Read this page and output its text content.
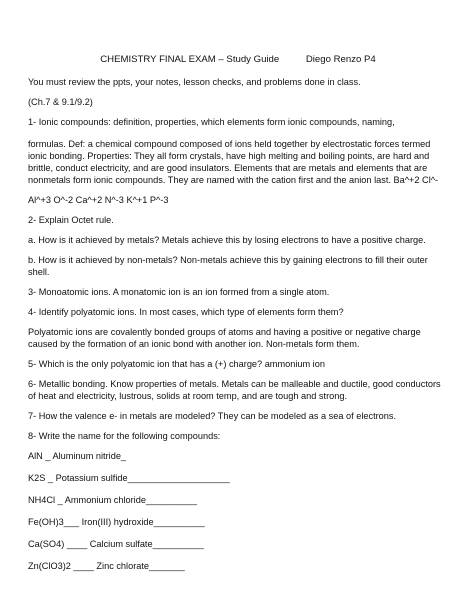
CHEMISTRY FINAL EXAM – Study Guide          Diego Renzo P4

You must review the ppts, your notes, lesson checks, and problems done in class.

(Ch.7 & 9.1/9.2)

1- Ionic compounds: definition, properties, which elements form ionic compounds, naming,

formulas. Def: a chemical compound composed of ions held together by electrostatic forces termed ionic bonding. Properties: They all form crystals, have high melting and boiling points, are hard and brittle, conduct electricity, and are good insulators. Elements that are metals and elements that are nonmetals form ionic compounds. They are named with the cation first and the anion last. Ba^+2 Cl^-

Al^+3 O^-2 Ca^+2 N^-3 K^+1 P^-3

2- Explain Octet rule.

a. How is it achieved by metals? Metals achieve this by losing electrons to have a positive charge.

b. How is it achieved by non-metals? Non-metals achieve this by gaining electrons to fill their outer shell.

3- Monoatomic ions. A monatomic ion is an ion formed from a single atom.

4- Identify polyatomic ions. In most cases, which type of elements form them?

Polyatomic ions are covalently bonded groups of atoms and having a positive or negative charge caused by the formation of an ionic bond with another ion. Non-metals form them.

5- Which is the only polyatomic ion that has a (+) charge? ammonium ion

6- Metallic bonding. Know properties of metals. Metals can be malleable and ductile, good conductors of heat and electricity, lustrous, solids at room temp, and are tough and strong.

7- How the valence e- in metals are modeled? They can be modeled as a sea of electrons.

8- Write the name for the following compounds:

AlN _ Aluminum nitride_
K2S _ Potassium sulfide____________________
NH4Cl _ Ammonium chloride__________
Fe(OH)3___ Iron(III) hydroxide__________
Ca(SO4) ____ Calcium sulfate__________
Zn(ClO3)2 ____ Zinc chlorate_______
